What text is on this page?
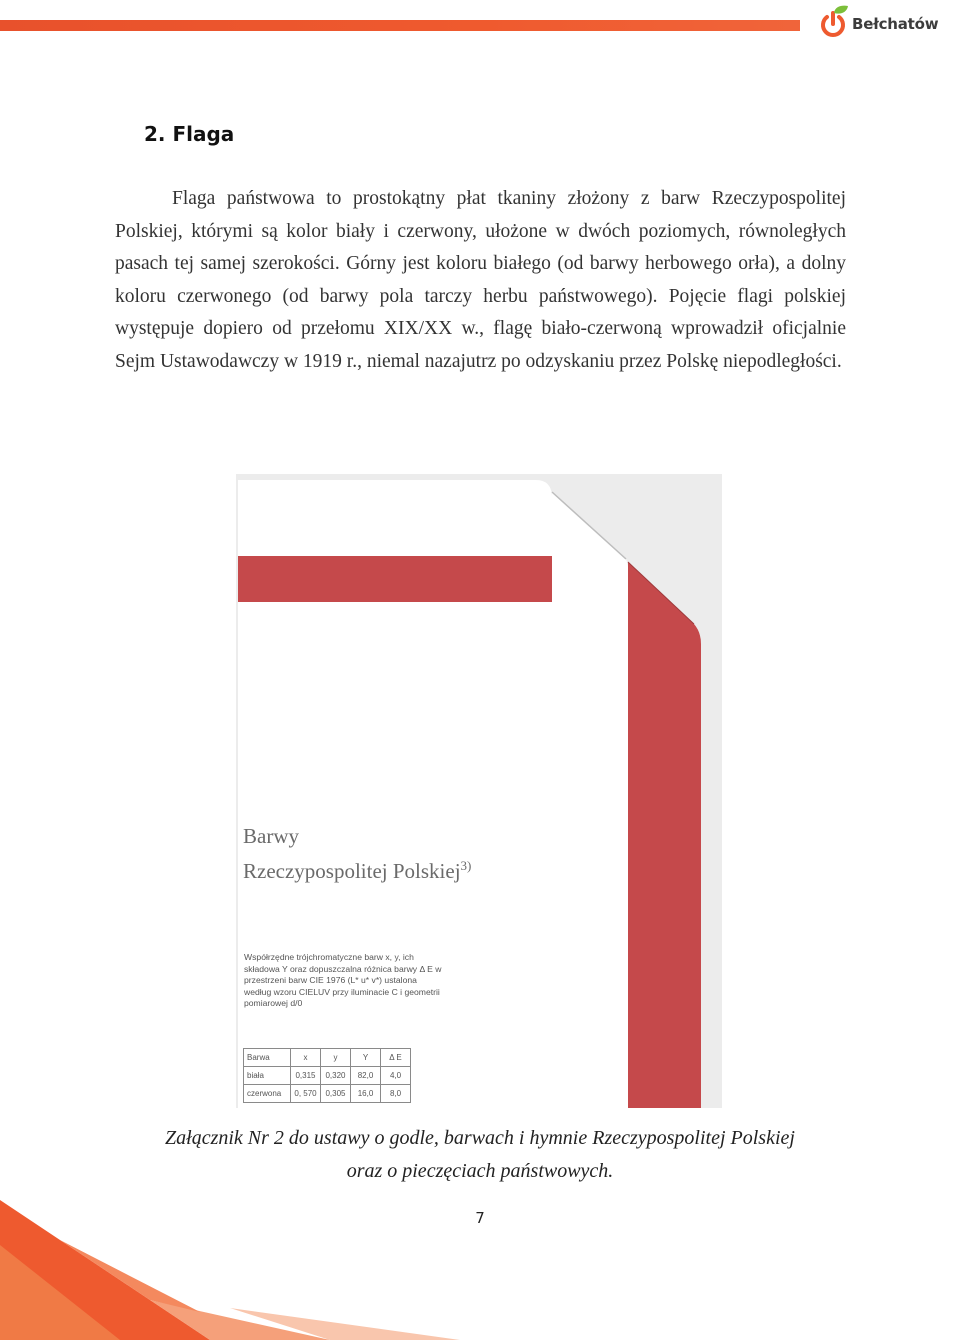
Bełchatów
2. Flaga
Flaga państwowa to prostokątny płat tkaniny złożony z barw Rzeczypospolitej Polskiej, którymi są kolor biały i czerwony, ułożone w dwóch poziomych, równoległych pasach tej samej szerokości. Górny jest koloru białego (od barwy herbowego orła), a dolny koloru czerwonego (od barwy pola tarczy herbu państwowego). Pojęcie flagi polskiej występuje dopiero od przełomu XIX/XX w., flagę biało-czerwoną wprowadził oficjalnie Sejm Ustawodawczy w 1919 r., niemal nazajutrz po odzyskaniu przez Polskę niepodległości.
Barwy
Rzeczypospolitej Polskiej$^{3)}$
Współrzędne trójchromatyczne barw x, y, ich składowa Y oraz dopuszczalna różnica barwy Δ E w przestrzeni barw CIE 1976 (L* u* v*) ustalona według wzoru CIELUV przy iluminacie C i geometrii pomiarowej d/0
Barwa	x	y	Y	Δ E
biała	0,315	0,320	82,0	4,0
czerwona	0, 570	0,305	16,0	8,0
Załącznik Nr 2 do ustawy o godle, barwach i hymnie Rzeczypospolitej Polskiej
oraz o pieczęciach państwowych.
7
